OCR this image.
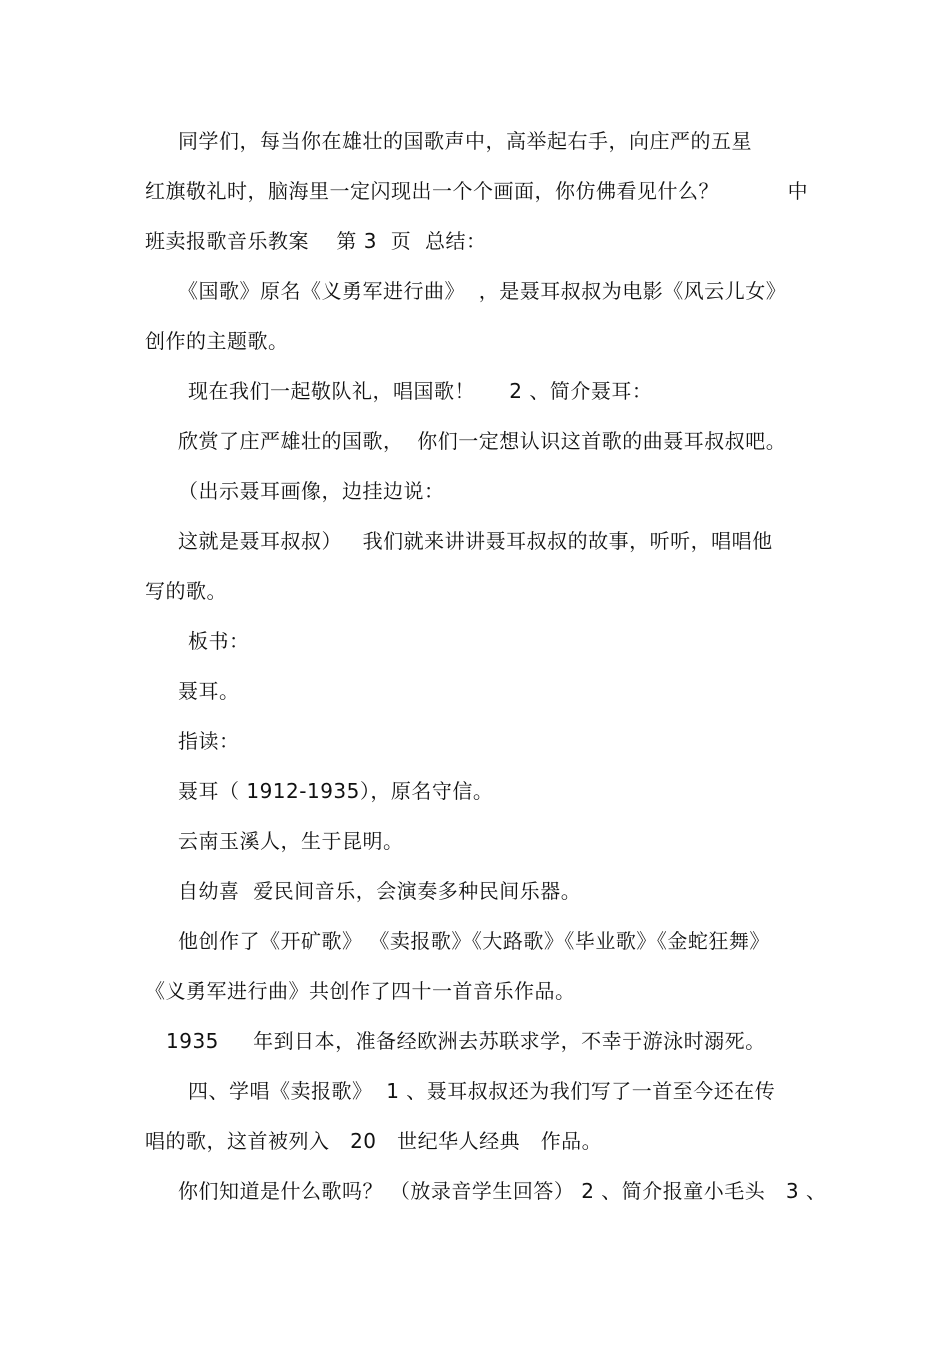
同学们，每当你在雄壮的国歌声中，高举起右手，向庄严的五星
红旗敬礼时，脑海里一定闪现出一个个画面，你仿佛看见什么？          中
班卖报歌音乐教案    第 3  页  总结：
《国歌》原名《义勇军进行曲》  ，是聂耳叔叔为电影《风云儿女》
创作的主题歌。
现在我们一起敬队礼，唱国歌！     2 、简介聂耳：
欣赏了庄严雄壮的国歌，  你们一定想认识这首歌的曲聂耳叔叔吧。
（出示聂耳画像，边挂边说：
这就是聂耳叔叔）   我们就来讲讲聂耳叔叔的故事，听听，唱唱他
写的歌。
板书：
聂耳。
指读：
聂耳（ 1912-1935），原名守信。
云南玉溪人，生于昆明。
自幼喜  爱民间音乐，会演奏多种民间乐器。
他创作了《开矿歌》 《卖报歌》《大路歌》《毕业歌》《金蛇狂舞》
《义勇军进行曲》共创作了四十一首音乐作品。
1935     年到日本，准备经欧洲去苏联求学，不幸于游泳时溺死。
四、学唱《卖报歌》  1 、聂耳叔叔还为我们写了一首至今还在传
唱的歌，这首被列入   20   世纪华人经典   作品。
你们知道是什么歌吗？ （放录音学生回答） 2 、简介报童小毛头   3 、
